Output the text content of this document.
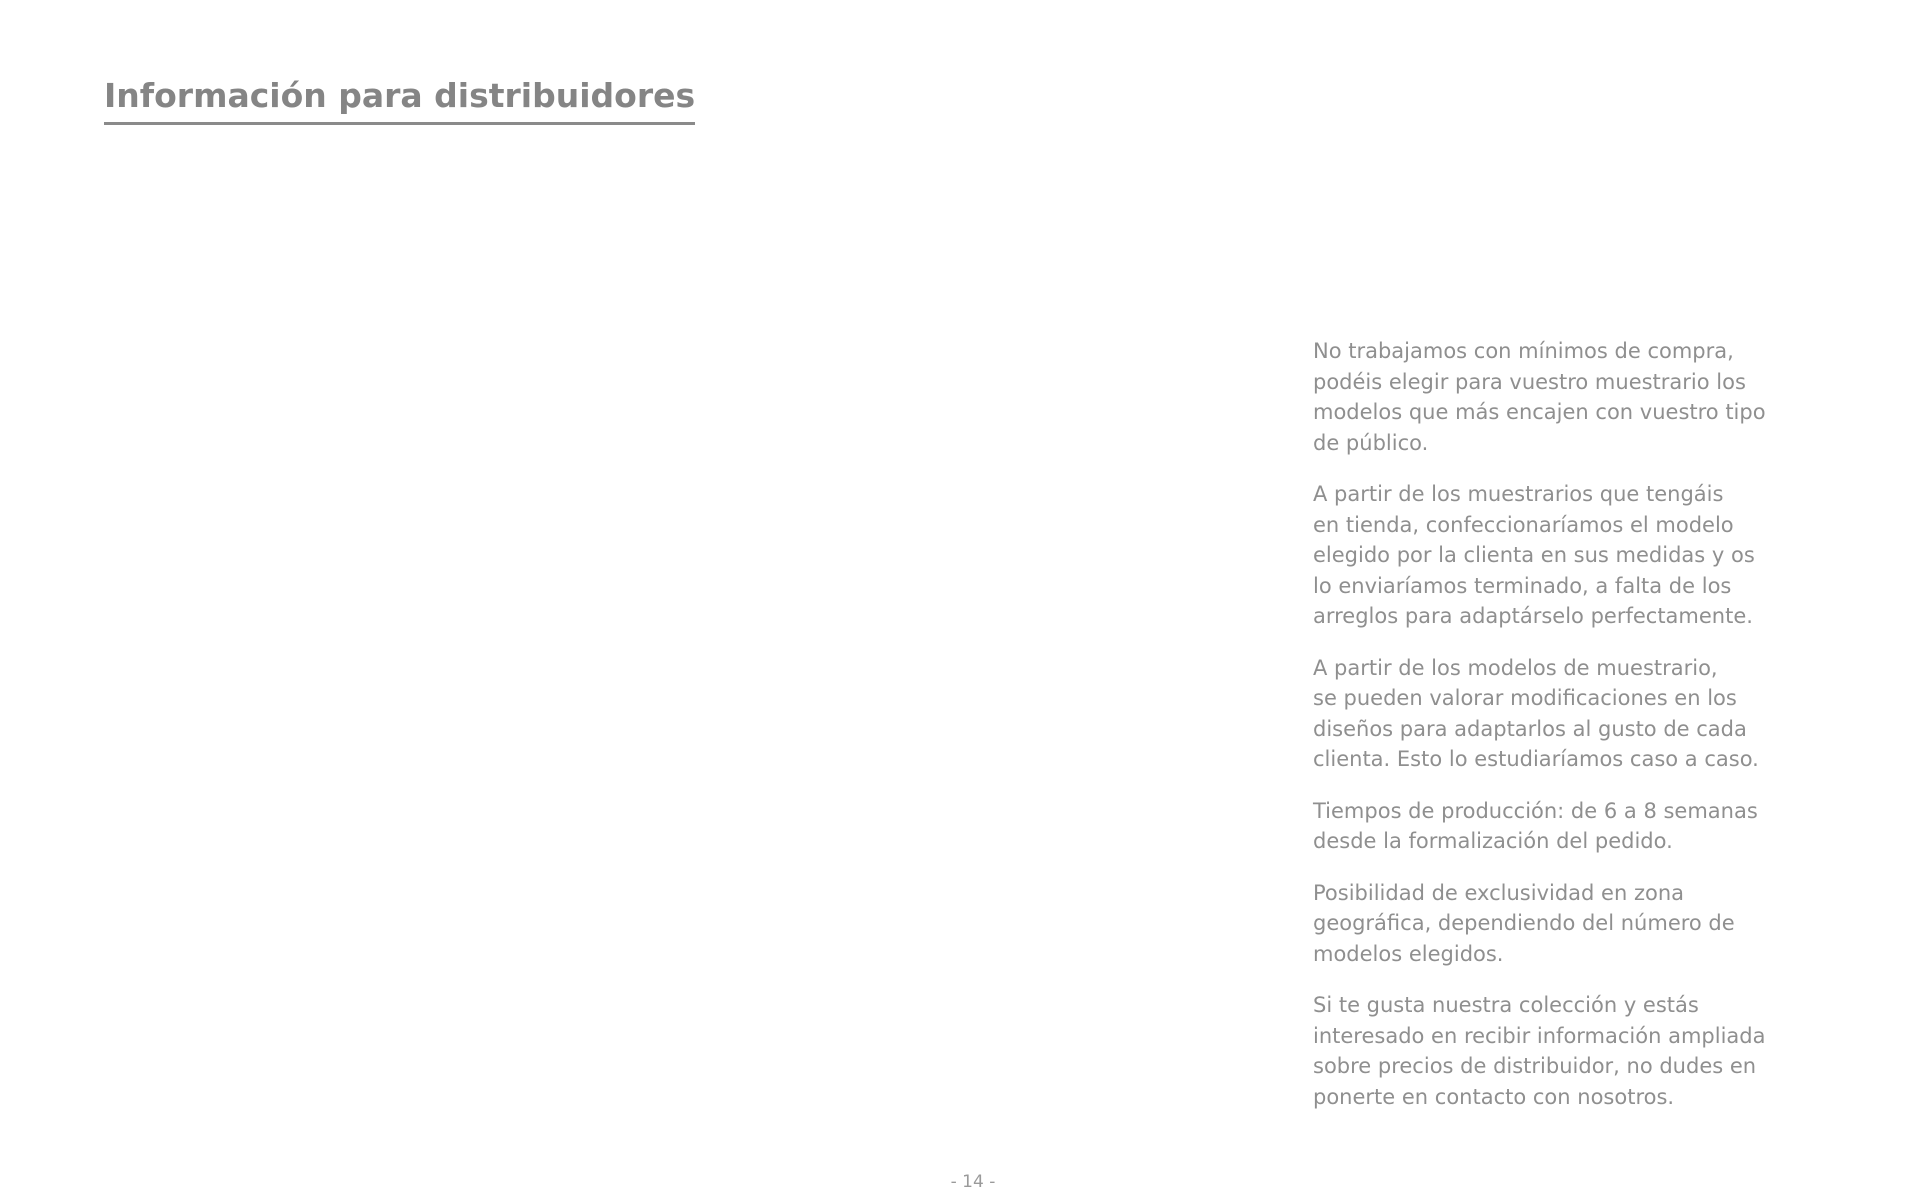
Información para distribuidores

No trabajamos con mínimos de compra,
podéis elegir para vuestro muestrario los
modelos que más encajen con vuestro tipo
de público.

A partir de los muestrarios que tengáis
en tienda, confeccionaríamos el modelo
elegido por la clienta en sus medidas y os
lo enviaríamos terminado, a falta de los
arreglos para adaptárselo perfectamente.

A partir de los modelos de muestrario,
se pueden valorar modificaciones en los
diseños para adaptarlos al gusto de cada
clienta. Esto lo estudiaríamos caso a caso.

Tiempos de producción: de 6 a 8 semanas
desde la formalización del pedido.

Posibilidad de exclusividad en zona
geográfica, dependiendo del número de
modelos elegidos.

Si te gusta nuestra colección y estás
interesado en recibir información ampliada
sobre precios de distribuidor, no dudes en
ponerte en contacto con nosotros.

- 14 -
